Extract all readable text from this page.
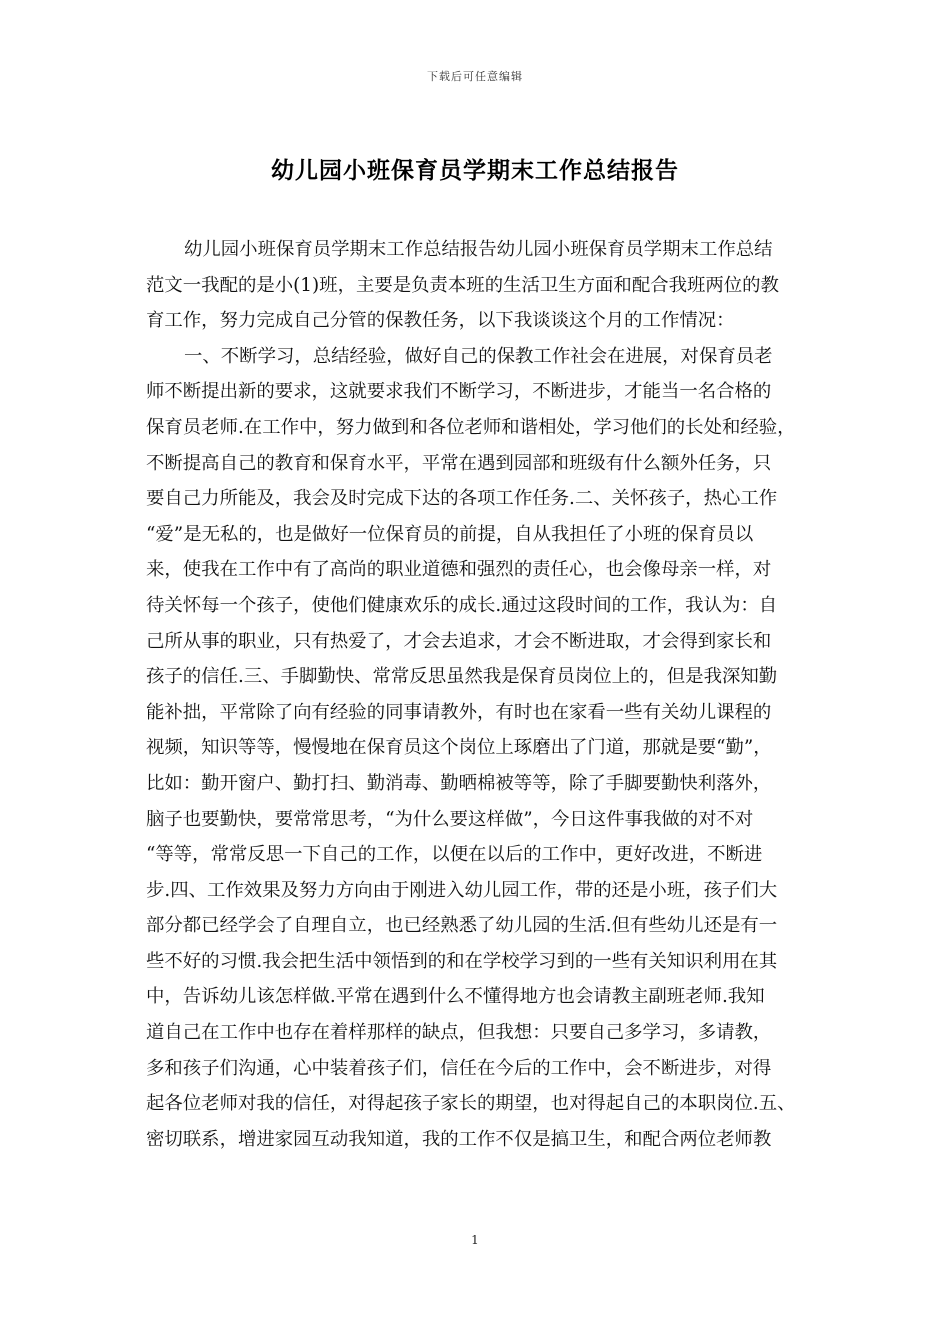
下载后可任意编辑
幼儿园小班保育员学期末工作总结报告
幼儿园小班保育员学期末工作总结报告幼儿园小班保育员学期末工作总结
范文一我配的是小(1)班，主要是负责本班的生活卫生方面和配合我班两位的教
育工作，努力完成自己分管的保教任务，以下我谈谈这个月的工作情况：
一、不断学习，总结经验，做好自己的保教工作社会在进展，对保育员老
师不断提出新的要求，这就要求我们不断学习，不断进步，才能当一名合格的
保育员老师.在工作中，努力做到和各位老师和谐相处，学习他们的长处和经验，
不断提高自己的教育和保育水平，平常在遇到园部和班级有什么额外任务，只
要自己力所能及，我会及时完成下达的各项工作任务.二、关怀孩子，热心工作
“爱”是无私的，也是做好一位保育员的前提，自从我担任了小班的保育员以
来，使我在工作中有了高尚的职业道德和强烈的责任心，也会像母亲一样，对
待关怀每一个孩子，使他们健康欢乐的成长.通过这段时间的工作，我认为：自
己所从事的职业，只有热爱了，才会去追求，才会不断进取，才会得到家长和
孩子的信任.三、手脚勤快、常常反思虽然我是保育员岗位上的，但是我深知勤
能补拙，平常除了向有经验的同事请教外，有时也在家看一些有关幼儿课程的
视频，知识等等，慢慢地在保育员这个岗位上琢磨出了门道，那就是要“勤”，
比如：勤开窗户、勤打扫、勤消毒、勤晒棉被等等，除了手脚要勤快利落外，
脑子也要勤快，要常常思考，“为什么要这样做”，今日这件事我做的对不对
“等等，常常反思一下自己的工作，以便在以后的工作中，更好改进，不断进
步.四、工作效果及努力方向由于刚进入幼儿园工作，带的还是小班，孩子们大
部分都已经学会了自理自立，也已经熟悉了幼儿园的生活.但有些幼儿还是有一
些不好的习惯.我会把生活中领悟到的和在学校学习到的一些有关知识利用在其
中，告诉幼儿该怎样做.平常在遇到什么不懂得地方也会请教主副班老师.我知
道自己在工作中也存在着样那样的缺点，但我想：只要自己多学习，多请教，
多和孩子们沟通，心中装着孩子们，信任在今后的工作中，会不断进步，对得
起各位老师对我的信任，对得起孩子家长的期望，也对得起自己的本职岗位.五、
密切联系，增进家园互动我知道，我的工作不仅是搞卫生，和配合两位老师教
1
